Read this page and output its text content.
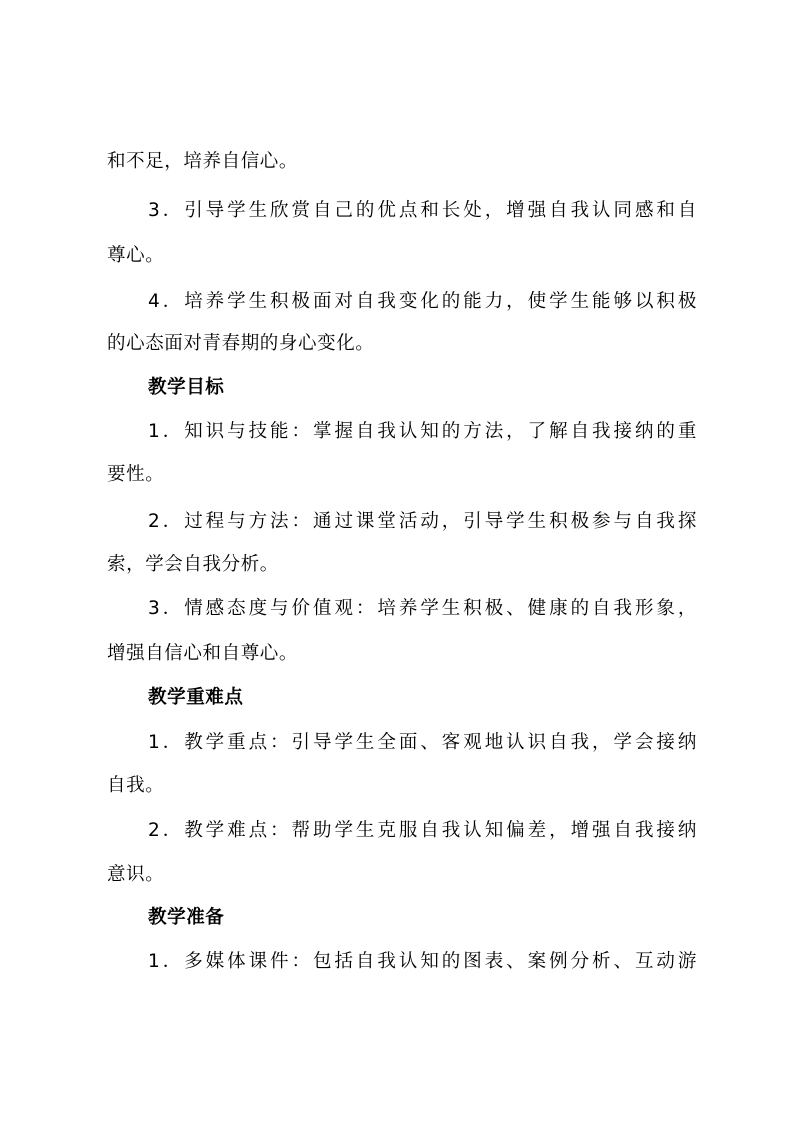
和不足，培养自信心。
3．引导学生欣赏自己的优点和长处，增强自我认同感和自
尊心。
4．培养学生积极面对自我变化的能力，使学生能够以积极
的心态面对青春期的身心变化。
教学目标
1．知识与技能：掌握自我认知的方法，了解自我接纳的重
要性。
2．过程与方法：通过课堂活动，引导学生积极参与自我探
索，学会自我分析。
3．情感态度与价值观：培养学生积极、健康的自我形象，
增强自信心和自尊心。
教学重难点
1．教学重点：引导学生全面、客观地认识自我，学会接纳
自我。
2．教学难点：帮助学生克服自我认知偏差，增强自我接纳
意识。
教学准备
1．多媒体课件：包括自我认知的图表、案例分析、互动游
